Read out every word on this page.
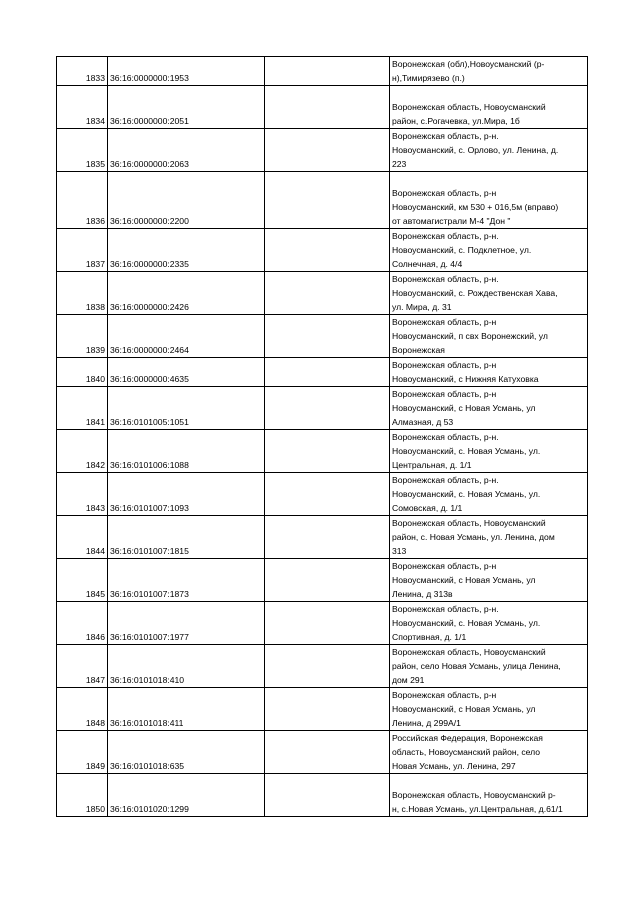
1833	36:16:0000000:1953		Воронежская (обл),Новоусманский (р-
н),Тимирязево (п.)

1834	36:16:0000000:2051		Воронежская область, Новоусманский
район, с.Рогачевка, ул.Мира, 1б

1835	36:16:0000000:2063		Воронежская область, р-н.
Новоусманский, с. Орлово, ул. Ленина, д.
223

1836	36:16:0000000:2200		Воронежская область, р-н
Новоусманский, км 530 + 016,5м (вправо)
от автомагистрали М-4 "Дон "

1837	36:16:0000000:2335		Воронежская область, р-н.
Новоусманский, с. Подклетное, ул.
Солнечная, д. 4/4

1838	36:16:0000000:2426		Воронежская область, р-н.
Новоусманский, с. Рождественская Хава,
ул. Мира, д. 31

1839	36:16:0000000:2464		Воронежская область, р-н
Новоусманский, п свх Воронежский, ул
Воронежская

1840	36:16:0000000:4635		Воронежская область, р-н
Новоусманский, с Нижняя Катуховка

1841	36:16:0101005:1051		Воронежская область, р-н
Новоусманский, с Новая Усмань, ул
Алмазная, д 53

1842	36:16:0101006:1088		Воронежская область, р-н.
Новоусманский, с. Новая Усмань, ул.
Центральная, д. 1/1

1843	36:16:0101007:1093		Воронежская область, р-н.
Новоусманский, с. Новая Усмань, ул.
Сомовская, д. 1/1

1844	36:16:0101007:1815		Воронежская область, Новоусманский
район, с. Новая Усмань, ул. Ленина, дом
313

1845	36:16:0101007:1873		Воронежская область, р-н
Новоусманский, с Новая Усмань, ул
Ленина, д 313в

1846	36:16:0101007:1977		Воронежская область, р-н.
Новоусманский, с. Новая Усмань, ул.
Спортивная, д. 1/1

1847	36:16:0101018:410		Воронежская область, Новоусманский
район, село Новая Усмань, улица Ленина,
дом 291

1848	36:16:0101018:411		Воронежская область, р-н
Новоусманский, с Новая Усмань, ул
Ленина, д 299А/1

1849	36:16:0101018:635		Российская Федерация, Воронежская
область, Новоусманский район, село
Новая Усмань, ул. Ленина, 297

1850	36:16:0101020:1299		Воронежская область, Новоусманский р-
н, с.Новая Усмань, ул.Центральная, д.61/1
